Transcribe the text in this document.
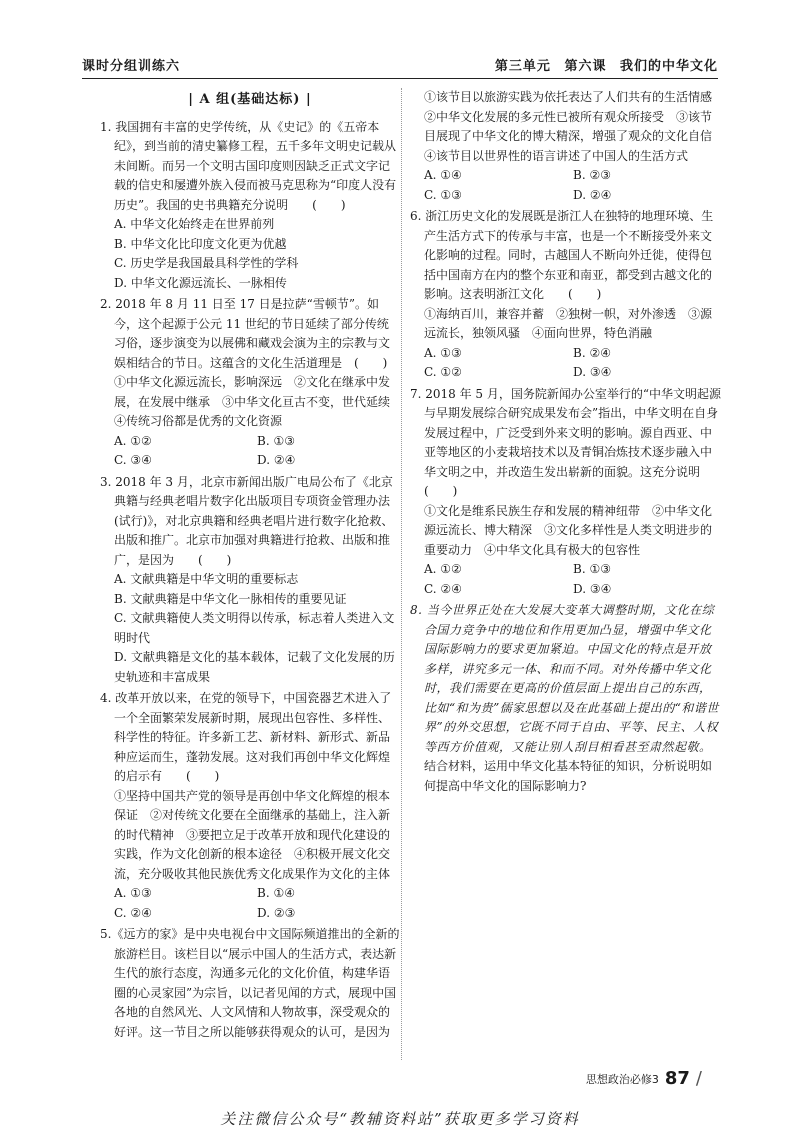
课时分组训练六	第三单元 第六课 我们的中华文化
| A 组(基础达标) |
1. 我国拥有丰富的史学传统，从《史记》的《五帝本纪》，到当前的清史纂修工程，五千多年文明史记载从未间断。而另一个文明古国印度则因缺乏正式文字记载的信史和屡遭外族入侵而被马克思称为“印度人没有历史”。我国的史书典籍充分说明　　(　　)
A. 中华文化始终走在世界前列
B. 中华文化比印度文化更为优越
C. 历史学是我国最具科学性的学科
D. 中华文化源远流长、一脉相传
2. 2018 年 8 月 11 日至 17 日是拉萨“雪顿节”。如今，这个起源于公元 11 世纪的节日延续了部分传统习俗，逐步演变为以展佛和藏戏会演为主的宗教与文娱相结合的节日。这蕴含的文化生活道理是　(　　)
①中华文化源远流长，影响深远　②文化在继承中发展，在发展中继承　③中华文化亘古不变，世代延续　④传统习俗都是优秀的文化资源
A. ①②	B. ①③
C. ③④	D. ②④
3. 2018 年 3 月，北京市新闻出版广电局公布了《北京典籍与经典老唱片数字化出版项目专项资金管理办法(试行)》，对北京典籍和经典老唱片进行数字化抢救、出版和推广。北京市加强对典籍进行抢救、出版和推广，是因为　　(　　)
A. 文献典籍是中华文明的重要标志
B. 文献典籍是中华文化一脉相传的重要见证
C. 文献典籍使人类文明得以传承，标志着人类进入文明时代
D. 文献典籍是文化的基本载体，记载了文化发展的历史轨迹和丰富成果
4. 改革开放以来，在党的领导下，中国瓷器艺术进入了一个全面繁荣发展新时期，展现出包容性、多样性、科学性的特征。许多新工艺、新材料、新形式、新品种应运而生，蓬勃发展。这对我们再创中华文化辉煌的启示有　　(　　)
①坚持中国共产党的领导是再创中华文化辉煌的根本保证　②对传统文化要在全面继承的基础上，注入新的时代精神　③要把立足于改革开放和现代化建设的实践，作为文化创新的根本途径　④积极开展文化交流，充分吸收其他民族优秀文化成果作为文化的主体
A. ①③	B. ①④
C. ②④	D. ②③
5.《远方的家》是中央电视台中文国际频道推出的全新的旅游栏目。该栏目以“展示中国人的生活方式，表达新生代的旅行态度，沟通多元化的文化价值，构建华语圈的心灵家园”为宗旨，以记者见闻的方式，展现中国各地的自然风光、人文风情和人物故事，深受观众的好评。这一节目之所以能够获得观众的认可，是因为
①该节目以旅游实践为依托表达了人们共有的生活情感　②中华文化发展的多元性已被所有观众所接受　③该节目展现了中华文化的博大精深，增强了观众的文化自信　④该节目以世界性的语言讲述了中国人的生活方式
A. ①④	B. ②③
C. ①③	D. ②④
6. 浙江历史文化的发展既是浙江人在独特的地理环境、生产生活方式下的传承与丰富，也是一个不断接受外来文化影响的过程。同时，古越国人不断向外迁徙，使得包括中国南方在内的整个东亚和南亚，都受到古越文化的影响。这表明浙江文化　　(　　)
①海纳百川，兼容并蓄　②独树一帜，对外渗透　③源远流长，独领风骚　④面向世界，特色消融
A. ①③	B. ②④
C. ①②	D. ③④
7. 2018 年 5 月，国务院新闻办公室举行的“中华文明起源与早期发展综合研究成果发布会”指出，中华文明在自身发展过程中，广泛受到外来文明的影响。源自西亚、中亚等地区的小麦栽培技术以及青铜冶炼技术逐步融入中华文明之中，并改造生发出崭新的面貌。这充分说明　　(　　)
①文化是维系民族生存和发展的精神纽带　②中华文化源远流长、博大精深　③文化多样性是人类文明进步的重要动力　④中华文化具有极大的包容性
A. ①②	B. ①③
C. ②④	D. ③④
8. 当今世界正处在大发展大变革大调整时期，文化在综合国力竞争中的地位和作用更加凸显，增强中华文化国际影响力的要求更加紧迫。中国文化的特点是开放多样，讲究多元一体、和而不同。对外传播中华文化时，我们需要在更高的价值层面上提出自己的东西，比如“和为贵”儒家思想以及在此基础上提出的“和谐世界”的外交思想，它既不同于自由、平等、民主、人权等西方价值观，又能让别人刮目相看甚至肃然起敬。
结合材料，运用中华文化基本特征的知识，分析说明如何提高中华文化的国际影响力?
思想政治必修3 87 /
关注微信公众号“教辅资料站”获取更多学习资料
